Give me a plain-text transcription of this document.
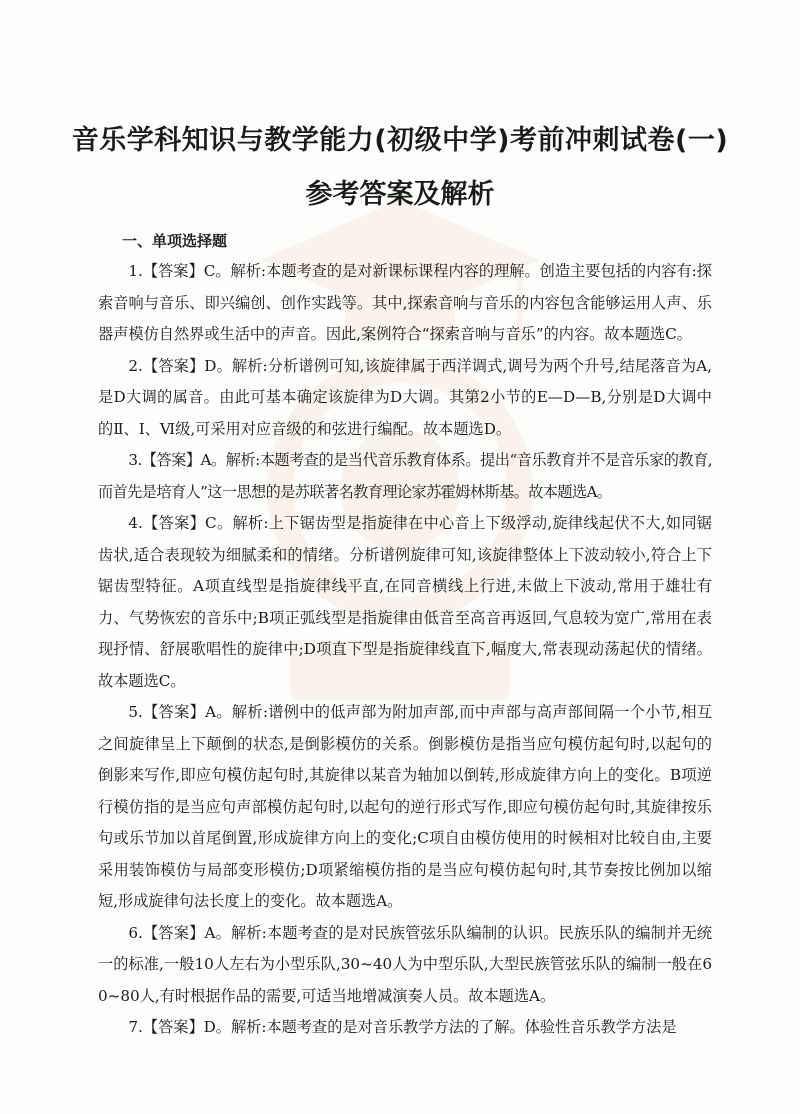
音乐学科知识与教学能力(初级中学)考前冲刺试卷(一)
参考答案及解析
一、单项选择题

1.【答案】C。解析:本题考查的是对新课标课程内容的理解。创造主要包括的内容有:探索音响与音乐、即兴编创、创作实践等。其中,探索音响与音乐的内容包含能够运用人声、乐器声模仿自然界或生活中的声音。因此,案例符合“探索音响与音乐”的内容。故本题选C。

2.【答案】D。解析:分析谱例可知,该旋律属于西洋调式,调号为两个升号,结尾落音为A,是D大调的属音。由此可基本确定该旋律为D大调。其第2小节的E—D—B,分别是D大调中的Ⅱ、Ⅰ、Ⅵ级,可采用对应音级的和弦进行编配。故本题选D。

3.【答案】A。解析:本题考查的是当代音乐教育体系。提出“音乐教育并不是音乐家的教育,而首先是培育人”这一思想的是苏联著名教育理论家苏霍姆林斯基。故本题选A。

4.【答案】C。解析:上下锯齿型是指旋律在中心音上下级浮动,旋律线起伏不大,如同锯齿状,适合表现较为细腻柔和的情绪。分析谱例旋律可知,该旋律整体上下波动较小,符合上下锯齿型特征。A项直线型是指旋律线平直,在同音横线上行进,未做上下波动,常用于雄壮有力、气势恢宏的音乐中;B项正弧线型是指旋律由低音至高音再返回,气息较为宽广,常用在表现抒情、舒展歌唱性的旋律中;D项直下型是指旋律线直下,幅度大,常表现动荡起伏的情绪。故本题选C。

5.【答案】A。解析:谱例中的低声部为附加声部,而中声部与高声部间隔一个小节,相互之间旋律呈上下颠倒的状态,是倒影模仿的关系。倒影模仿是指当应句模仿起句时,以起句的倒影来写作,即应句模仿起句时,其旋律以某音为轴加以倒转,形成旋律方向上的变化。B项逆行模仿指的是当应句声部模仿起句时,以起句的逆行形式写作,即应句模仿起句时,其旋律按乐句或乐节加以首尾倒置,形成旋律方向上的变化;C项自由模仿使用的时候相对比较自由,主要采用装饰模仿与局部变形模仿;D项紧缩模仿指的是当应句模仿起句时,其节奏按比例加以缩短,形成旋律句法长度上的变化。故本题选A。

6.【答案】A。解析:本题考查的是对民族管弦乐队编制的认识。民族乐队的编制并无统一的标准,一般10人左右为小型乐队,30~40人为中型乐队,大型民族管弦乐队的编制一般在60~80人,有时根据作品的需要,可适当地增减演奏人员。故本题选A。

7.【答案】D。解析:本题考查的是对音乐教学方法的了解。体验性音乐教学方法是
